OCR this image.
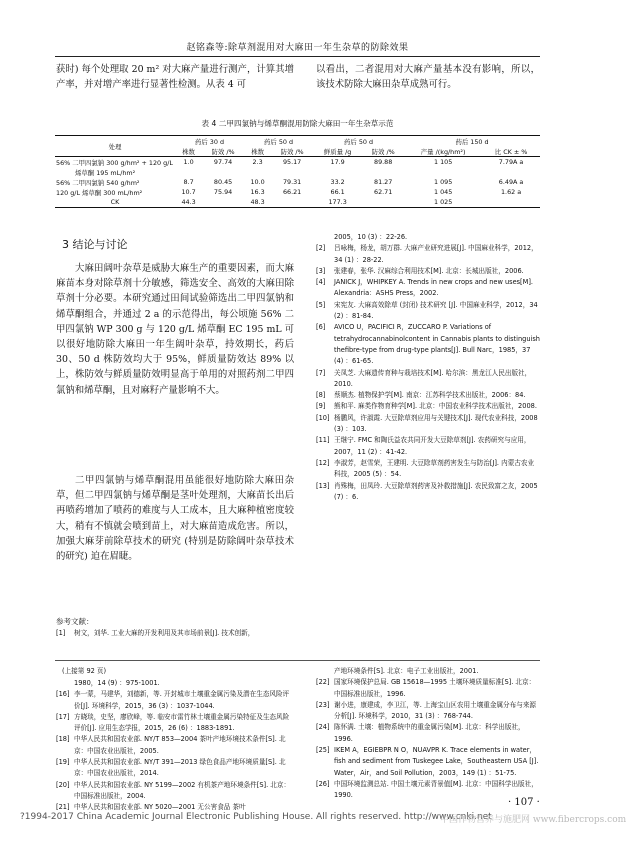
赵铭森等:除草剂混用对大麻田一年生杂草的防除效果
获时) 每个处理取 20 m² 对大麻产量进行测产，计算其增产率，并对增产率进行显著性检测。从表 4 可
以看出，二者混用对大麻产量基本没有影响，所以，该技术防除大麻田杂草成熟可行。
表 4 二甲四氯钠与烯草酮混用防除大麻田一年生杂草示范
处理	药后 30 d		药后 50 d		药后 50 d		药后 150 d	
	株数	防效 /%	株数	防效 /%	鲜质量 /g	防效 /%	产量 /(kg/hm²)	比 CK ± %
56% 二甲四氯钠 300 g/hm² + 120 g/L	1.0	97.74	2.3	95.17	17.9	89.88	1 105	7.79A a
烯草酮 195 mL/hm²								
56% 二甲四氯钠 540 g/hm²	8.7	80.45	10.0	79.31	33.2	81.27	1 095	6.49A a
120 g/L 烯草酮 300 mL/hm²	10.7	75.94	16.3	66.21	66.1	62.71	1 045	1.62 a
CK	44.3		48.3		177.3		1 025	
3 结论与讨论
大麻田阔叶杂草是威胁大麻生产的重要因素，而大麻麻苗本身对除草剂十分敏感，筛选安全、高效的大麻田除草剂十分必要。本研究通过田间试验筛选出二甲四氯钠和烯草酮组合，并通过 2 a 的示范得出，每公顷施 56% 二甲四氯钠 WP 300 g 与 120 g/L 烯草酮 EC 195 mL 可以很好地防除大麻田一年生阔叶杂草，持效期长，药后 30、50 d 株防效均大于 95%，鲜质量防效达 89% 以上，株防效与鲜质量防效明显高于单用的对照药剂二甲四氯钠和烯草酮，且对麻籽产量影响不大。
二甲四氯钠与烯草酮混用虽能很好地防除大麻田杂草，但二甲四氯钠与烯草酮是茎叶处理剂，大麻苗长出后再喷药增加了喷药的难度与人工成本，且大麻种植密度较大，稍有不慎就会喷到苗上，对大麻苗造成危害。所以，加强大麻芽前除草技术的研究 (特别是防除阔叶杂草技术的研究) 迫在眉睫。
参考文献：
[1]	树文，刘华. 工业大麻的开发利用及其市场前景[J]. 技术创新，
2005，10 (3) ：22-26.
[2]	吕咏梅，杨龙，胡万群. 大麻产业研究进展[J]. 中国麻业科学，2012，34 (1) ：28-22.
[3]	张建春，张华. 汉麻综合利用技术[M]. 北京：长城出版社，2006.
[4]	JANICK J，WHIPKEY A. Trends in new crops and new uses[M]. Alexandria：ASHS Press，2002.
[5]	宋宪友. 大麻高效除草 (封闭) 技术研究 [J]. 中国麻业科学，2012，34 (2) ：81-84.
[6]	AVICO U，PACIFICI R，ZUCCARO P. Variations of tetrahydrocannabinolcontent in Cannabis plants to distinguish thefibre-type from drug-type plants[J]. Bull Narc，1985，37 (4) ：61-65.
[7]	关凤芝. 大麻遗传育种与栽培技术[M]. 哈尔滨：黑龙江人民出版社，2010.
[8]	蔡顺杰. 植物保护学[M]. 南京：江苏科学技术出版社，2006：84.
[9]	熊和平. 麻类作物育种学[M]. 北京：中国农业科学技术出版社，2008.
[10] 杨鹏风，许淑霞. 大豆除草剂应用与关键技术[J]. 现代农业科技，2008 (3) ：103.
[11] 王继宁. FMC 和陶氏益农共同开发大豆除草剂[J]. 农药研究与应用，2007，11 (2) ：41-42.
[12] 李淑芳，赵雪荣，王建明. 大豆除草剂药害发生与防治[J]. 内蒙古农业科技，2005 (5) ：54.
[13] 肖殊梅，田凤玲. 大豆除草剂药害及补救措施[J]. 农民致富之友，2005 (7) ：6.
(上接第 92 页)
1980，14 (9) ：975-1001.
[16] 李一蒙，马建华，刘德新，等. 开封城市土壤重金属污染及潜在生态风险评价[J]. 环境科学，2015，36 (3) ：1037-1044.
[17] 方晓琰，史坚，廖欣峰，等. 临安市雷竹林土壤重金属污染特征及生态风险评价[J]. 应用生态学报，2015，26 (6) ：1883-1891.
[18] 中华人民共和国农业部. NY/T 853—2004 茶叶产地环境技术条件[S]. 北京：中国农业出版社，2005.
[19] 中华人民共和国农业部. NY/T 391—2013 绿色食品产地环境质量[S]. 北京：中国农业出版社，2014.
[20] 中华人民共和国农业部. NY 5199—2002 有机茶产地环境条件[S]. 北京：中国标准出版社，2004.
[21] 中华人民共和国农业部. NY 5020—2001 无公害食品 茶叶
产地环境条件[S]. 北京：电子工业出版社，2001.
[22] 国家环境保护总局. GB 15618—1995 土壤环境质量标准[S]. 北京：中国标准出版社，1996.
[23] 谢小进，康建成，李卫江，等. 上海宝山区农用土壤重金属分布与来源分析[J]. 环境科学，2010，31 (3) ：768-744.
[24] 陈怀满. 土壤：植物系统中的重金属污染[M]. 北京：科学出版社，1996.
[25] IKEM A，EGIEBPR N O，NUAVPR K. Trace elements in water，fish and sediment from Tuskegee Lake，Southeastern USA [J]. Water，Air，and Soil Pollution，2003，149 (1) ：51-75.
[26] 中国环境监测总站. 中国土壤元素背景值[M]. 北京：中国科学出版社，1990.
· 107 ·
?1994-2017 China Academic Journal Electronic Publishing House. All rights reserved. http://www.cnki.net
中国作物营养与施肥网 www.fibercrops.com
